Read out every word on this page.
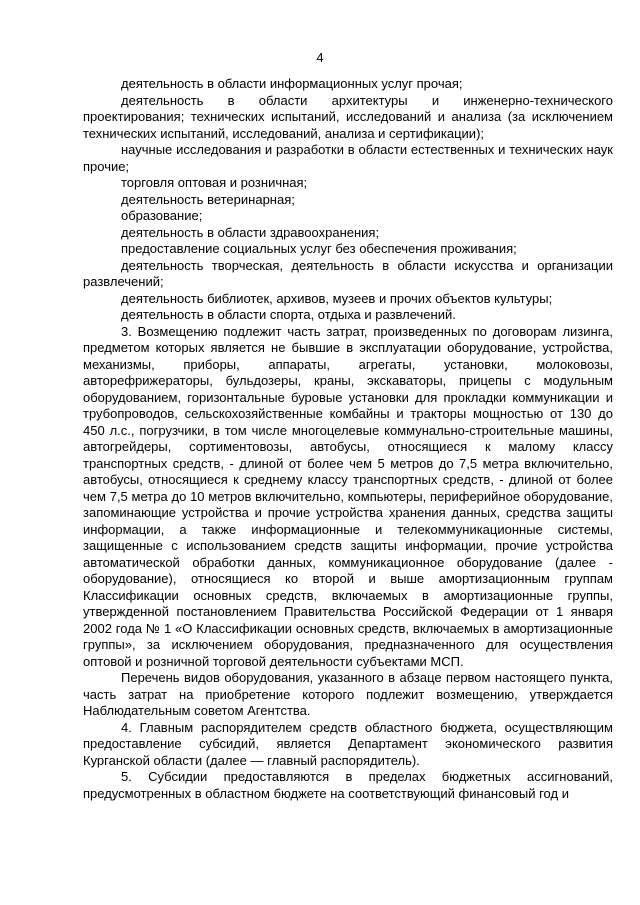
4

деятельность в области информационных услуг прочая;

деятельность в области архитектуры и инженерно-технического проектирования; технических испытаний, исследований и анализа (за исключением технических испытаний, исследований, анализа и сертификации);

научные исследования и разработки в области естественных и технических наук прочие;

торговля оптовая и розничная;

деятельность ветеринарная;

образование;

деятельность в области здравоохранения;

предоставление социальных услуг без обеспечения проживания;

деятельность творческая, деятельность в области искусства и организации развлечений;

деятельность библиотек, архивов, музеев и прочих объектов культуры;

деятельность в области спорта, отдыха и развлечений.

3. Возмещению подлежит часть затрат, произведенных по договорам лизинга, предметом которых является не бывшие в эксплуатации оборудование, устройства, механизмы, приборы, аппараты, агрегаты, установки, молоковозы, авторефрижераторы, бульдозеры, краны, экскаваторы, прицепы с модульным оборудованием, горизонтальные буровые установки для прокладки коммуникации и трубопроводов, сельскохозяйственные комбайны и тракторы мощностью от 130 до 450 л.с., погрузчики, в том числе многоцелевые коммунально-строительные машины, автогрейдеры, сортиментовозы, автобусы, относящиеся к малому классу транспортных средств, - длиной от более чем 5 метров до 7,5 метра включительно, автобусы, относящиеся к среднему классу транспортных средств, - длиной от более чем 7,5 метра до 10 метров включительно, компьютеры, периферийное оборудование, запоминающие устройства и прочие устройства хранения данных, средства защиты информации, а также информационные и телекоммуникационные системы, защищенные с использованием средств защиты информации, прочие устройства автоматической обработки данных, коммуникационное оборудование (далее - оборудование), относящиеся ко второй и выше амортизационным группам Классификации основных средств, включаемых в амортизационные группы, утвержденной постановлением Правительства Российской Федерации от 1 января 2002 года № 1 «О Классификации основных средств, включаемых в амортизационные группы», за исключением оборудования, предназначенного для осуществления оптовой и розничной торговой деятельности субъектами МСП.

Перечень видов оборудования, указанного в абзаце первом настоящего пункта, часть затрат на приобретение которого подлежит возмещению, утверждается Наблюдательным советом Агентства.

4. Главным распорядителем средств областного бюджета, осуществляющим предоставление субсидий, является Департамент экономического развития Курганской области (далее — главный распорядитель).

5. Субсидии предоставляются в пределах бюджетных ассигнований, предусмотренных в областном бюджете на соответствующий финансовый год и
